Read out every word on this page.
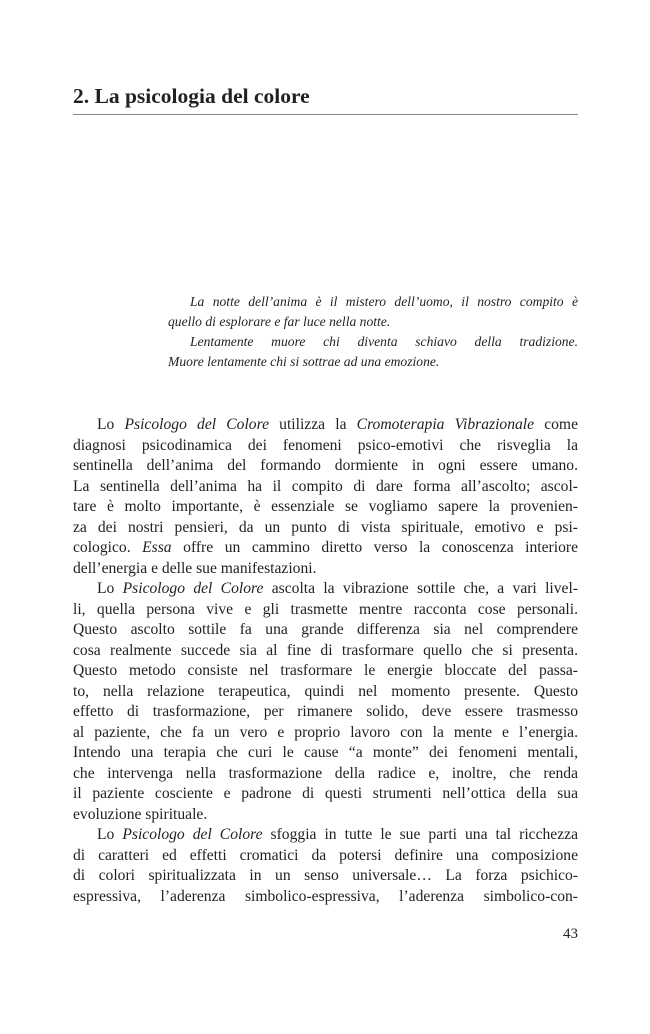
2. La psicologia del colore
La notte dell’anima è il mistero dell’uomo, il nostro compito è
quello di esplorare e far luce nella notte.
Lentamente muore chi diventa schiavo della tradizione.
Muore lentamente chi si sottrae ad una emozione.
Lo Psicologo del Colore utilizza la Cromoterapia Vibrazionale come
diagnosi psicodinamica dei fenomeni psico-emotivi che risveglia la
sentinella dell’anima del formando dormiente in ogni essere umano.
La sentinella dell’anima ha il compito di dare forma all’ascolto; ascol-
tare è molto importante, è essenziale se vogliamo sapere la provenien-
za dei nostri pensieri, da un punto di vista spirituale, emotivo e psi-
cologico. Essa offre un cammino diretto verso la conoscenza interiore
dell’energia e delle sue manifestazioni.
Lo Psicologo del Colore ascolta la vibrazione sottile che, a vari livel-
li, quella persona vive e gli trasmette mentre racconta cose personali.
Questo ascolto sottile fa una grande differenza sia nel comprendere
cosa realmente succede sia al fine di trasformare quello che si presenta.
Questo metodo consiste nel trasformare le energie bloccate del passa-
to, nella relazione terapeutica, quindi nel momento presente. Questo
effetto di trasformazione, per rimanere solido, deve essere trasmesso
al paziente, che fa un vero e proprio lavoro con la mente e l’energia.
Intendo una terapia che curi le cause “a monte” dei fenomeni mentali,
che intervenga nella trasformazione della radice e, inoltre, che renda
il paziente cosciente e padrone di questi strumenti nell’ottica della sua
evoluzione spirituale.
Lo Psicologo del Colore sfoggia in tutte le sue parti una tal ricchezza
di caratteri ed effetti cromatici da potersi definire una composizione
di colori spiritualizzata in un senso universale… La forza psichico-
espressiva, l’aderenza simbolico-espressiva, l’aderenza simbolico-con-
43
